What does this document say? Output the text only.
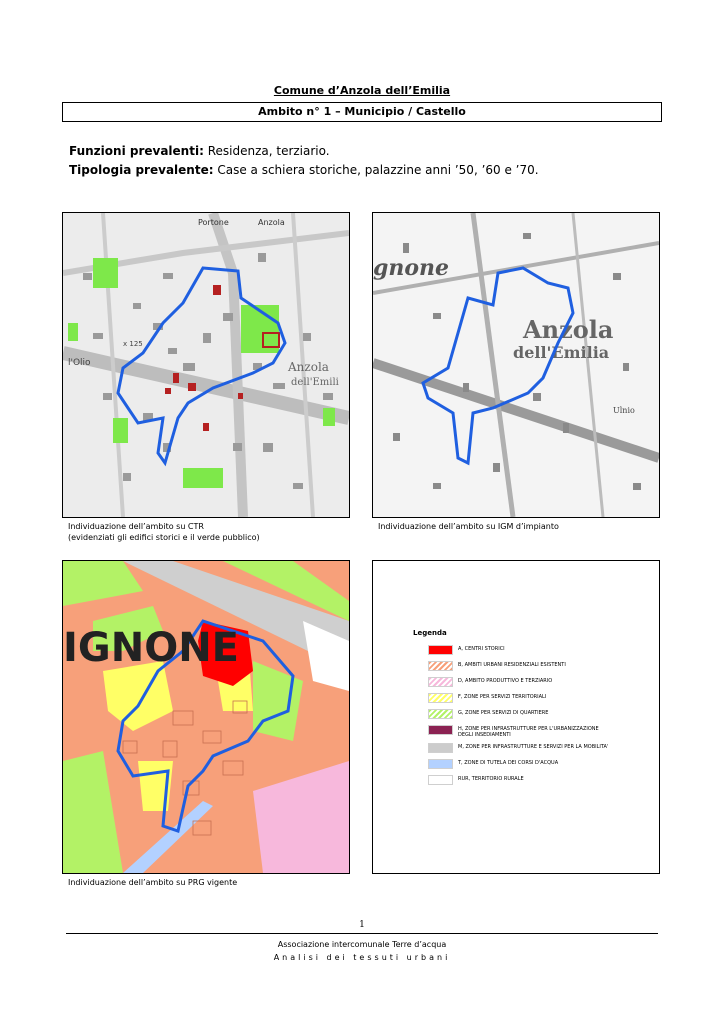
Comune d’Anzola dell’Emilia
Ambito n° 1 – Municipio / Castello
Funzioni prevalenti: Residenza, terziario.
Tipologia prevalente: Case a schiera storiche, palazzine anni ’50, ’60 e ’70.
Portone	Anzola
Anzola
dell'Emili
l'Olio
x 125
gnone
Anzola
dell'Emilia
Ulnio
Individuazione dell’ambito su CTR
(evidenziati gli edifici storici e il verde pubblico)
Individuazione dell’ambito su IGM d’impianto
IGNONE	Legenda
A, CENTRI STORICI
B, AMBITI URBANI RESIDENZIALI ESISTENTI
D, AMBITO PRODUTTIVO E TERZIARIO
F, ZONE PER SERVIZI TERRITORIALI
G, ZONE PER SERVIZI DI QUARTIERE
H, ZONE PER INFRASTRUTTURE PER L'URBANIZZAZIONE DEGLI INSEDIAMENTI
M, ZONE PER INFRASTRUTTURE E SERVIZI PER LA MOBILITA'
T, ZONE DI TUTELA DEI CORSI D'ACQUA
RUR, TERRITORIO RURALE
Individuazione dell’ambito su PRG vigente
1
Associazione intercomunale Terre d’acqua
Analisi dei tessuti urbani
